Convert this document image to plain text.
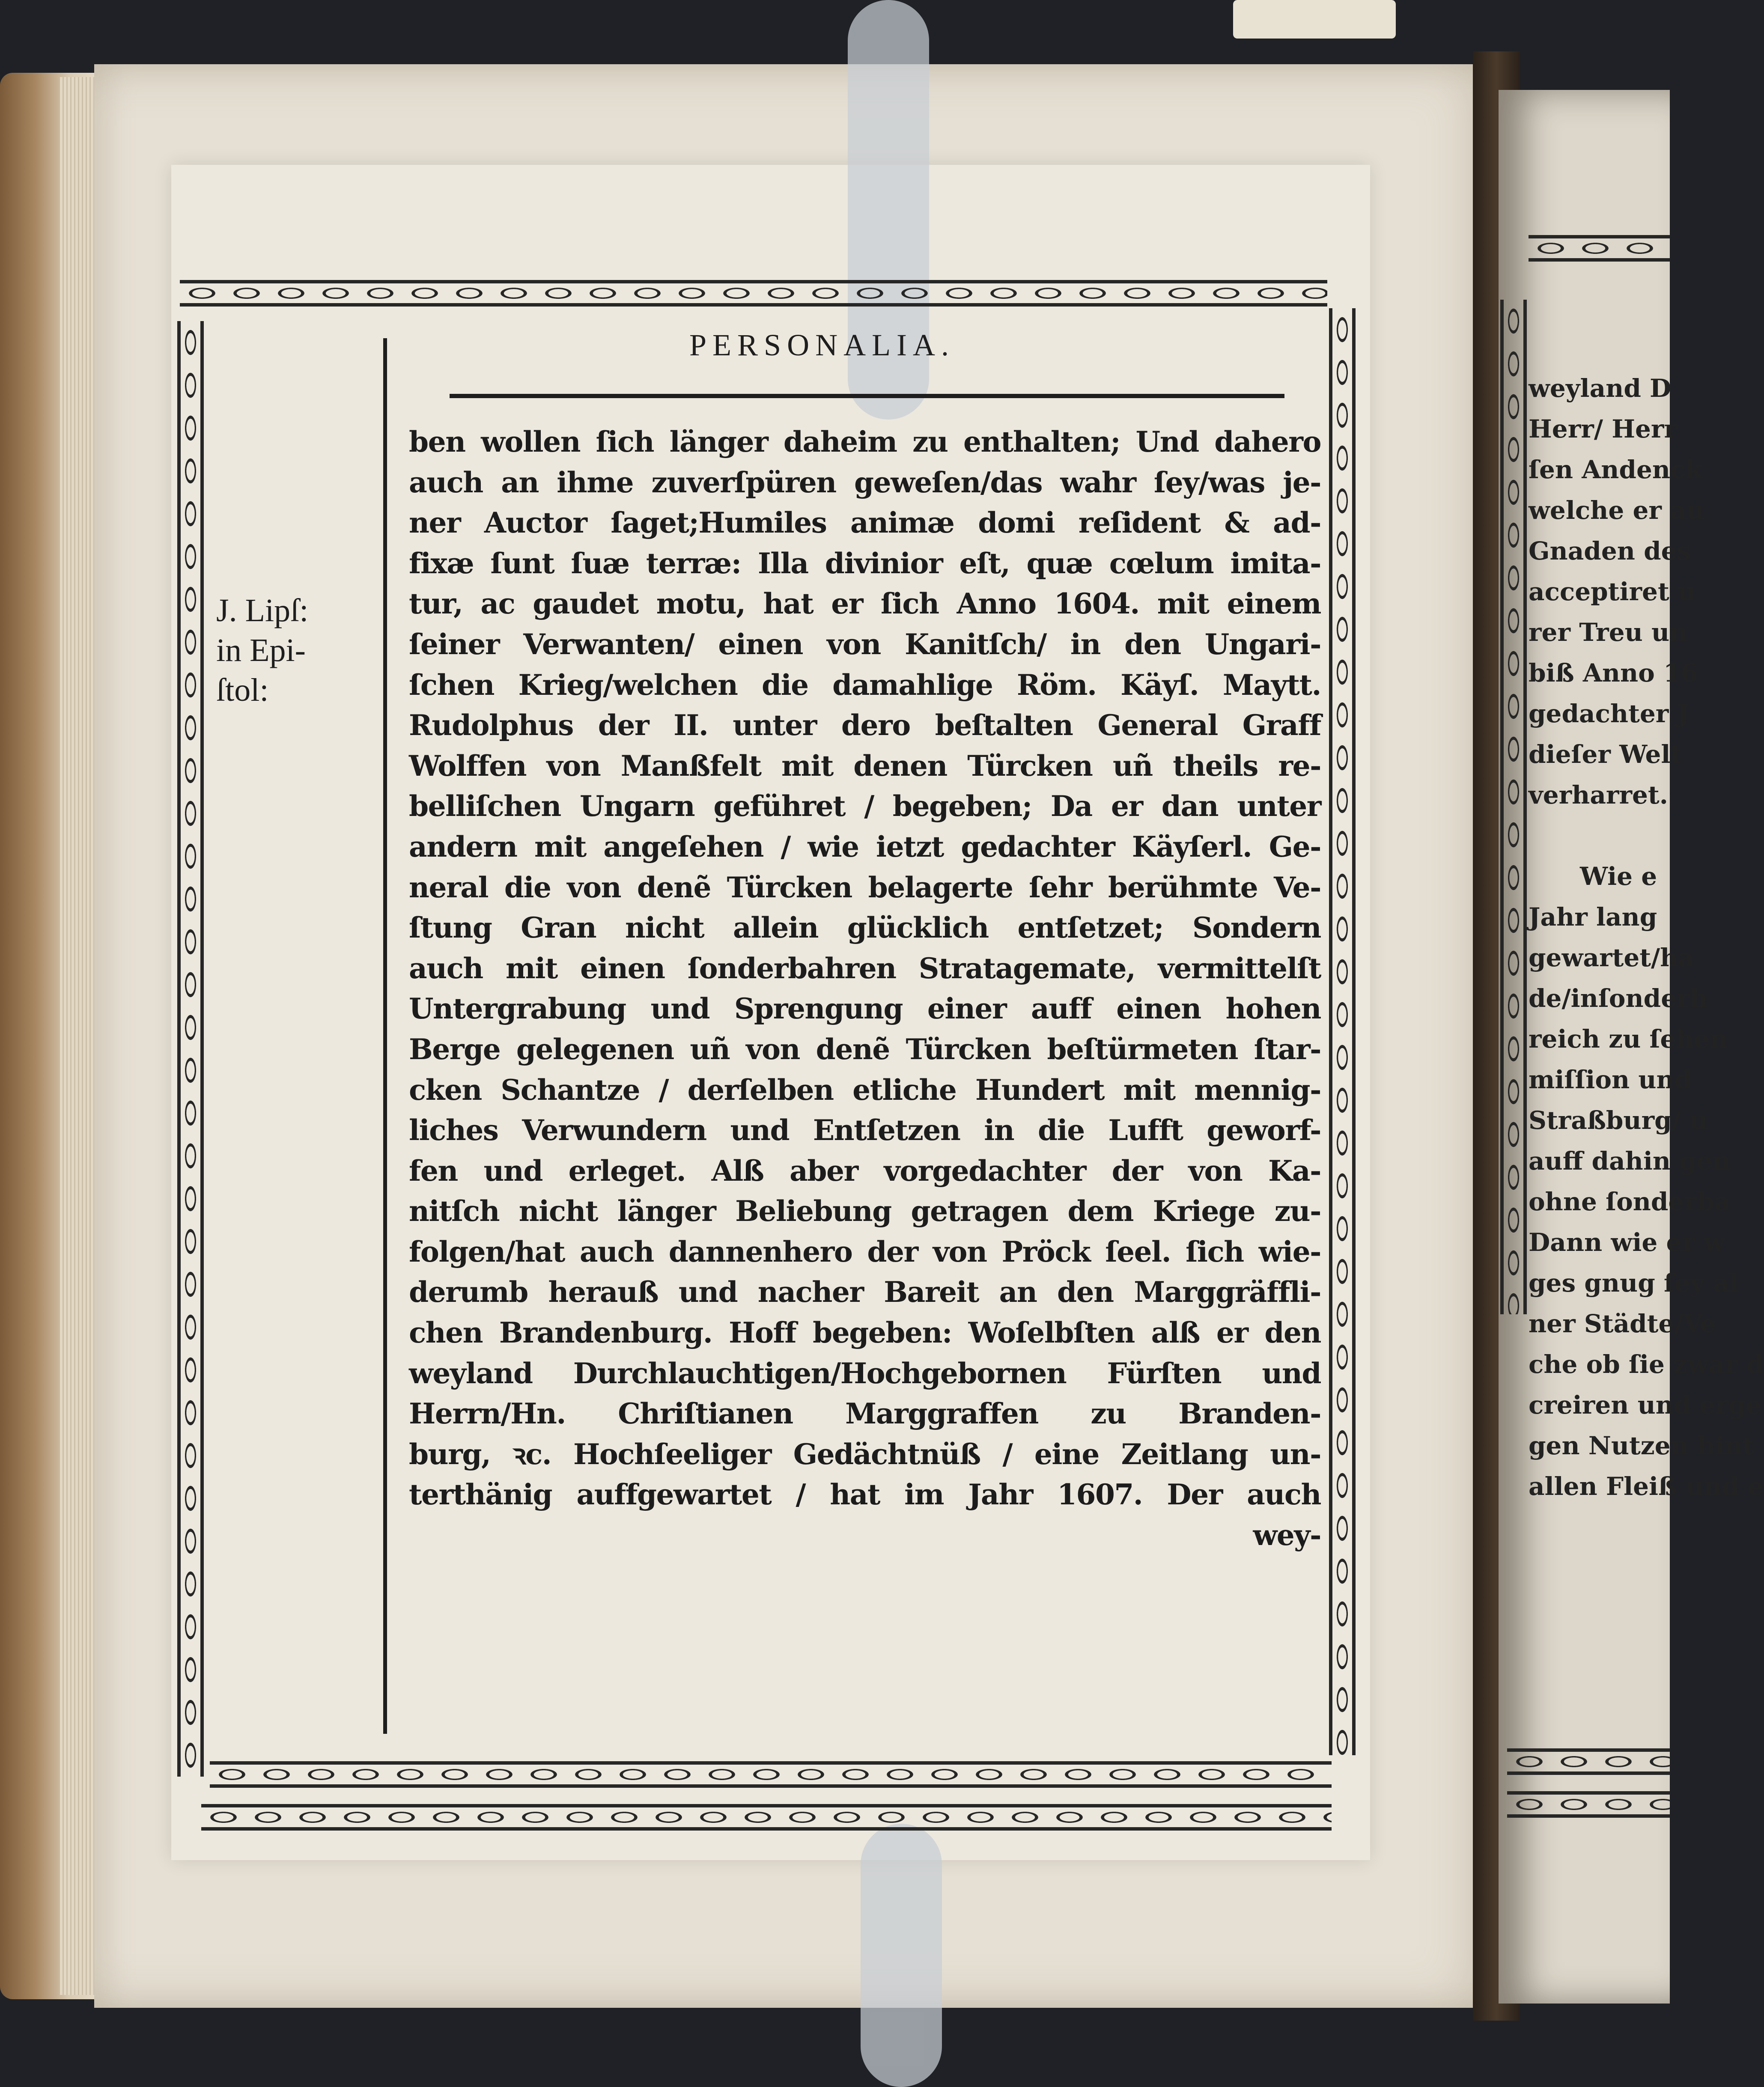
PERSONALIA.
J. Lipſ:
in Epi-
ſtol:
ben wollen ſich länger daheim zu enthalten; Und dahero
auch an ihme zuverſpüren geweſen/das wahr ſey/was je-
ner Auctor ſaget;Humiles animæ domi reſident & ad-
fixæ ſunt ſuæ terræ: Illa divinior eſt, quæ cœlum imita-
tur, ac gaudet motu, hat er ſich Anno 1604. mit einem
ſeiner Verwanten/ einen von Kanitſch/ in den Ungari-
ſchen Krieg/welchen die damahlige Röm. Käyſ. Maytt.
Rudolphus der II. unter dero beſtalten General Graff
Wolffen von Manßfelt mit denen Türcken uñ theils re-
belliſchen Ungarn geführet / begeben; Da er dan unter
andern mit angeſehen / wie ietzt gedachter Käyſerl. Ge-
neral die von denẽ Türcken belagerte ſehr berühmte Ve-
ſtung Gran nicht allein glücklich entſetzet; Sondern
auch mit einen ſonderbahren Stratagemate, vermittelſt
Untergrabung und Sprengung einer auff einen hohen
Berge gelegenen uñ von denẽ Türcken beſtürmeten ſtar-
cken Schantze / derſelben etliche Hundert mit mennig-
liches Verwundern und Entſetzen in die Lufft geworf-
fen und erleget. Alß aber vorgedachter der von Ka-
nitſch nicht länger Beliebung getragen dem Kriege zu-
folgen/hat auch dannenhero der von Pröck ſeel. ſich wie-
derumb herauß und nacher Bareit an den Marggräffli-
chen Brandenburg. Hoff begeben: Woſelbſten alß er den
weyland Durchlauchtigen/Hochgebornen Fürſten und
Herrn/Hn. Chriſtianen Marggraffen zu Branden-
burg, ꝛc. Hochſeeliger Gedächtnüß / eine Zeitlang un-
terthänig auffgewartet / hat im Jahr 1607. Der auch
wey-
weyland D
Herr/ Herr
ſen Andenck
welche er au
Gnaden des
acceptiret u
rer Treu un
biß Anno 16
gedachter J
dieſer Welt
verharret.
Wie e
Jahr lang
gewartet/ha
de/inſonderh
reich zu ſehen
miſſion und
Straßburg/ u
auff dahin gen
ohne ſonderba
Dann wie er w
ges gnug ſey al
ner Städte/Ve
che ob ſie zwar d
creiren und erge
gen Nutzen hint
allen Fleiß und e
